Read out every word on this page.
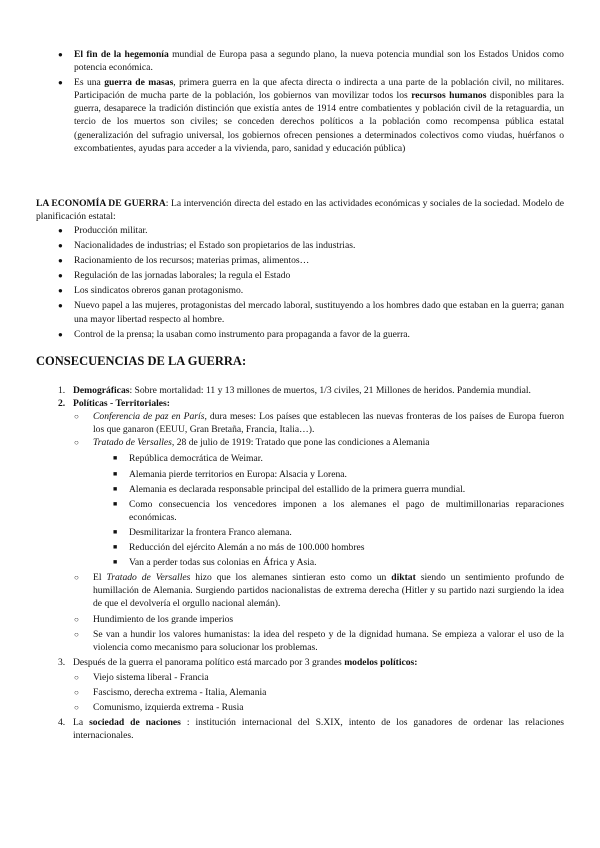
● El fin de la hegemonía mundial de Europa pasa a segundo plano, la nueva potencia mundial son los Estados Unidos como potencia económica.
● Es una guerra de masas, primera guerra en la que afecta directa o indirecta a una parte de la población civil, no militares. Participación de mucha parte de la población, los gobiernos van movilizar todos los recursos humanos disponibles para la guerra, desaparece la tradición distinción que existía antes de 1914 entre combatientes y población civil de la retaguardia, un tercio de los muertos son civiles; se conceden derechos políticos a la población como recompensa pública estatal (generalización del sufragio universal, los gobiernos ofrecen pensiones a determinados colectivos como viudas, huérfanos o excombatientes, ayudas para acceder a la vivienda, paro, sanidad y educación pública)
LA ECONOMÍA DE GUERRA: La intervención directa del estado en las actividades económicas y sociales de la sociedad. Modelo de planificación estatal:
● Producción militar.
● Nacionalidades de industrias; el Estado son propietarios de las industrias.
● Racionamiento de los recursos; materias primas, alimentos…
● Regulación de las jornadas laborales; la regula el Estado
● Los sindicatos obreros ganan protagonismo.
● Nuevo papel a las mujeres, protagonistas del mercado laboral, sustituyendo a los hombres dado que estaban en la guerra; ganan una mayor libertad respecto al hombre.
● Control de la prensa; la usaban como instrumento para propaganda a favor de la guerra.
CONSECUENCIAS DE LA GUERRA:
1. Demográficas: Sobre mortalidad: 11 y 13 millones de muertos, 1/3 civiles, 21 Millones de heridos. Pandemia mundial.
2. Políticas - Territoriales:
○ Conferencia de paz en París, dura meses: Los países que establecen las nuevas fronteras de los países de Europa fueron los que ganaron (EEUU, Gran Bretaña, Francia, Italia…).
○ Tratado de Versalles, 28 de julio de 1919: Tratado que pone las condiciones a Alemania
■ República democrática de Weimar.
■ Alemania pierde territorios en Europa: Alsacia y Lorena.
■ Alemania es declarada responsable principal del estallido de la primera guerra mundial.
■ Como consecuencia los vencedores imponen a los alemanes el pago de multimillonarias reparaciones económicas.
■ Desmilitarizar la frontera Franco alemana.
■ Reducción del ejército Alemán a no más de 100.000 hombres
■ Van a perder todas sus colonias en África y Asia.
○ El Tratado de Versalles hizo que los alemanes sintieran esto como un diktat siendo un sentimiento profundo de humillación de Alemania. Surgiendo partidos nacionalistas de extrema derecha (Hitler y su partido nazi surgiendo la idea de que el devolvería el orgullo nacional alemán).
○ Hundimiento de los grande imperios
○ Se van a hundir los valores humanistas: la idea del respeto y de la dignidad humana. Se empieza a valorar el uso de la violencia como mecanismo para solucionar los problemas.
3. Después de la guerra el panorama político está marcado por 3 grandes modelos políticos:
○ Viejo sistema liberal - Francia
○ Fascismo, derecha extrema - Italia, Alemania
○ Comunismo, izquierda extrema - Rusia
4. La sociedad de naciones : institución internacional del S.XIX, intento de los ganadores de ordenar las relaciones internacionales.
